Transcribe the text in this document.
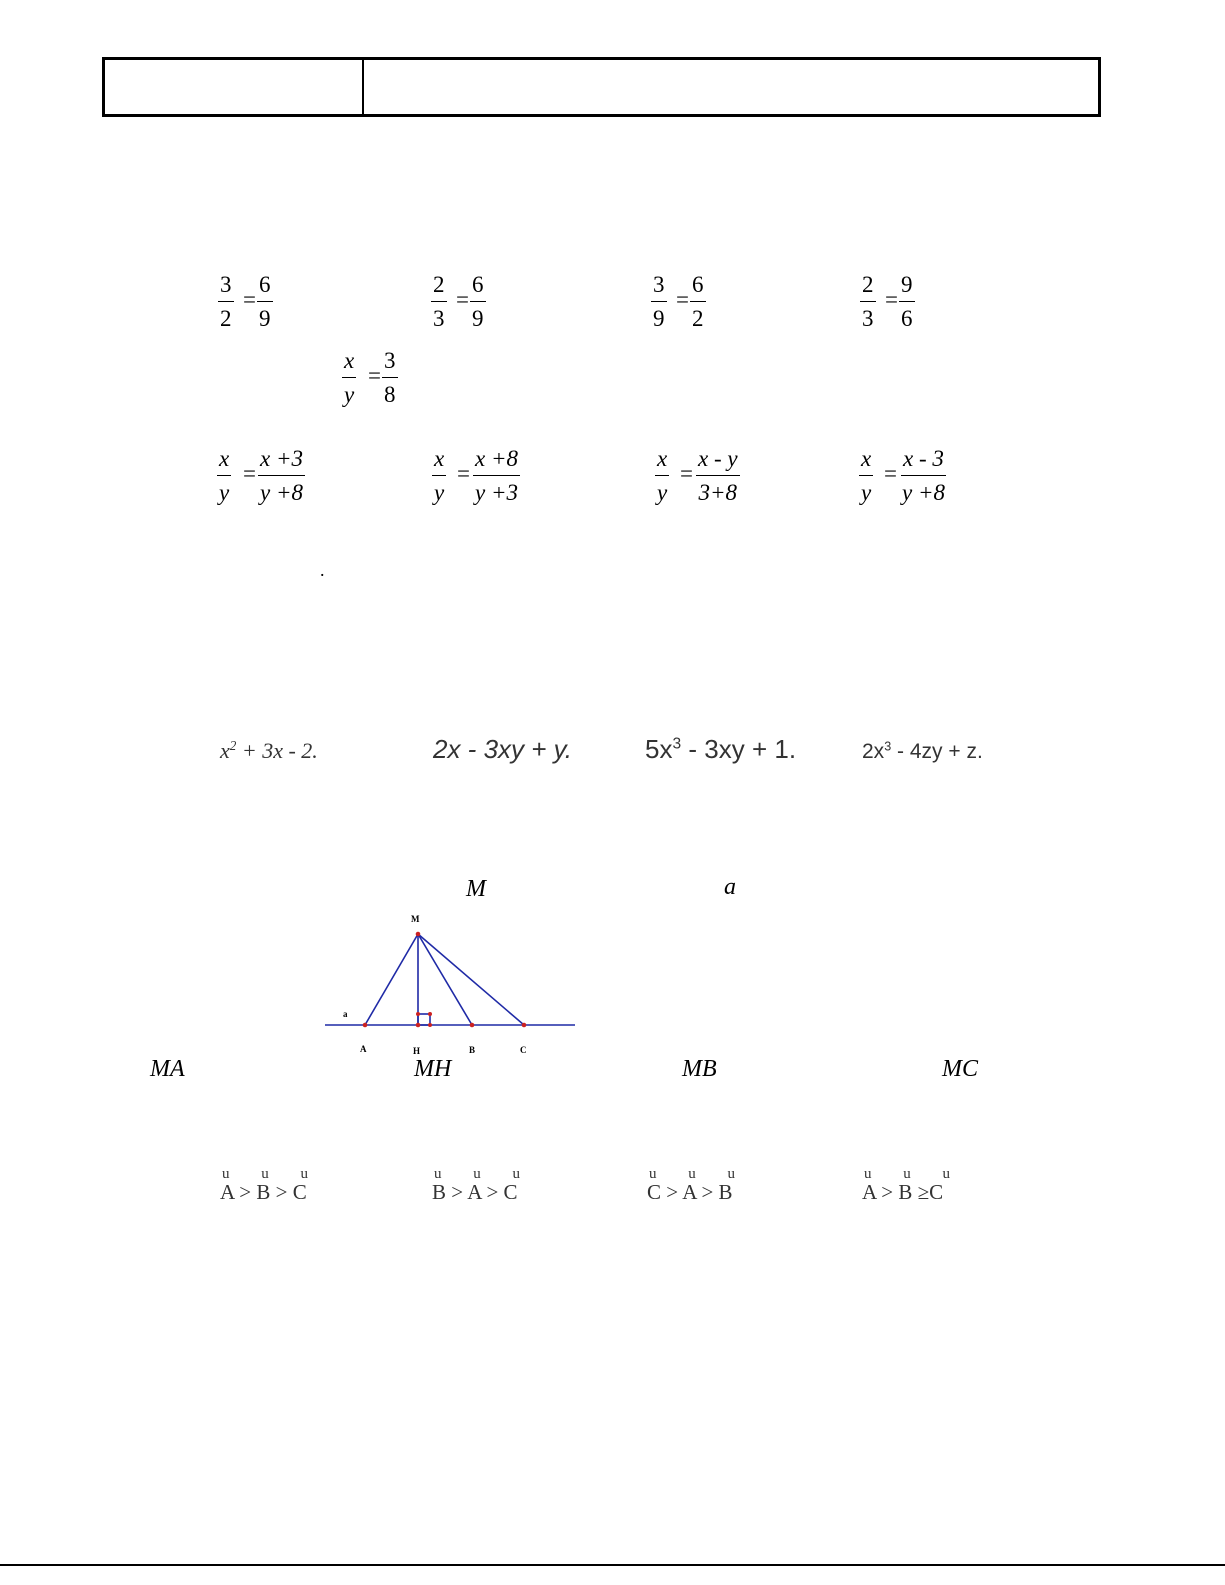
$\frac{3}{2} = \frac{6}{9}$	$\frac{2}{3} = \frac{6}{9}$	$\frac{3}{9} = \frac{6}{2}$	$\frac{2}{3} = \frac{9}{6}$
$\frac{x}{y} = \frac{3}{8}$
$\frac{x}{y} = \frac{x +3}{y +8}$	$\frac{x}{y} = \frac{x +8}{y +3}$	$\frac{x}{y} = \frac{x - y}{3+8}$	$\frac{x}{y} = \frac{x - 3}{y +8}$
.
$x^2 + 3x - 2$.	2x - 3xy + y.	$5x^3 - 3xy + 1$.	$2x^3 - 4zy + z$.
M	a
M
a
A	H	B	C
MA	MH	MB	MC
u u u
A > B > C
u u u
B > A > C
u u u
C > A > B
u u u
A > B ≥C
